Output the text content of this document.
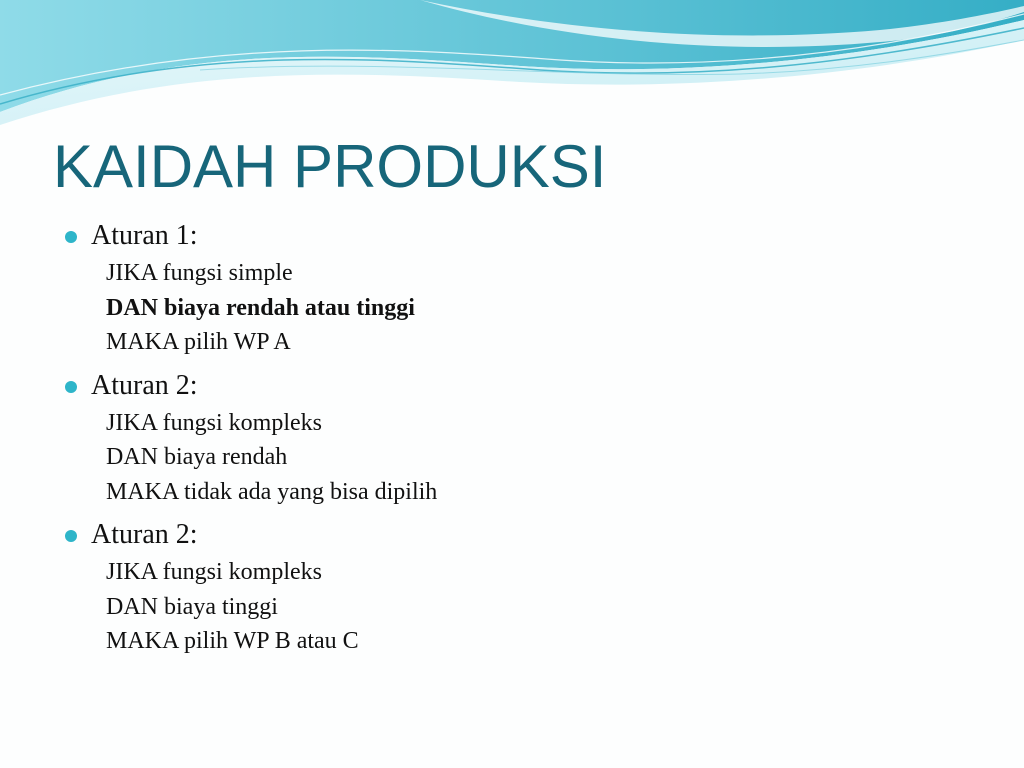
KAIDAH PRODUKSI
Aturan 1:
JIKA fungsi simple
DAN biaya rendah atau tinggi
MAKA pilih WP A
Aturan 2:
JIKA fungsi kompleks
DAN biaya rendah
MAKA tidak ada yang bisa dipilih
Aturan 2:
JIKA fungsi kompleks
DAN biaya tinggi
MAKA pilih WP B atau C
